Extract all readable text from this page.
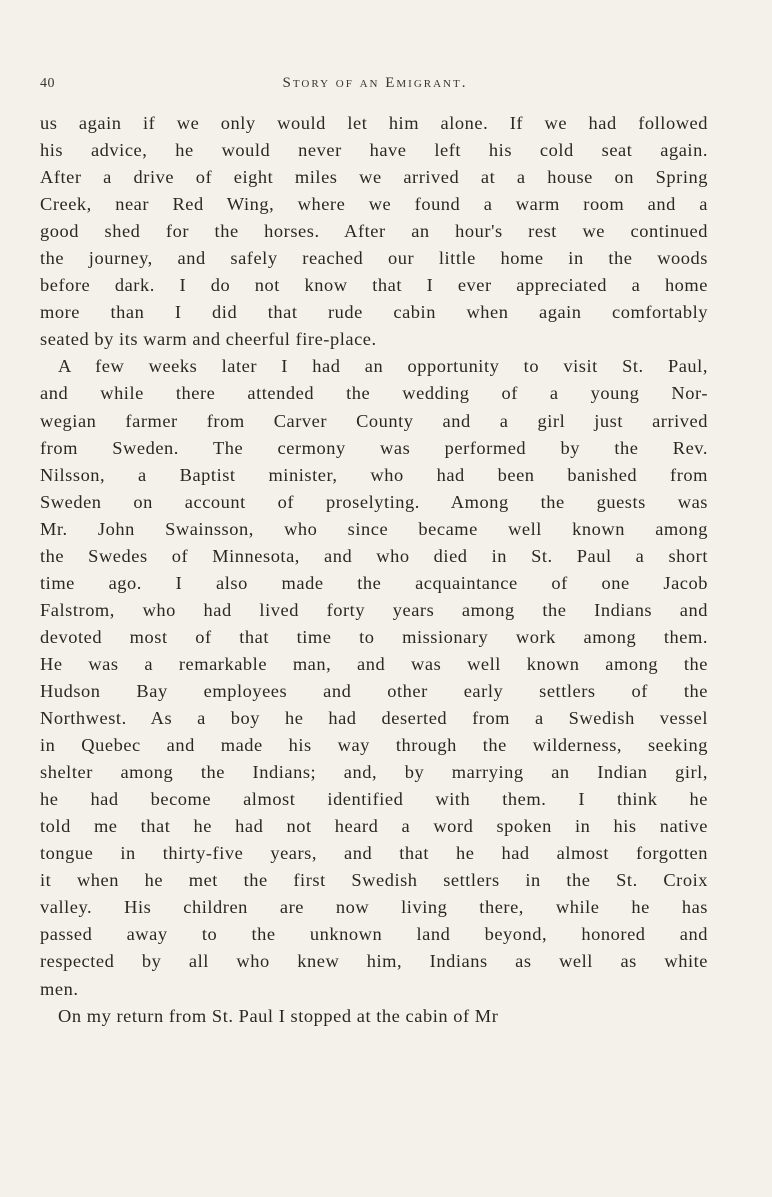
40	Story of an Emigrant.
us again if we only would let him alone. If we had followed
his advice, he would never have left his cold seat again.
After a drive of eight miles we arrived at a house on Spring
Creek, near Red Wing, where we found a warm room and a
good shed for the horses. After an hour's rest we continued
the journey, and safely reached our little home in the woods
before dark. I do not know that I ever appreciated a home
more than I did that rude cabin when again comfortably
seated by its warm and cheerful fire-place.
A few weeks later I had an opportunity to visit St. Paul,
and while there attended the wedding of a young Nor-
wegian farmer from Carver County and a girl just arrived
from Sweden. The cermony was performed by the Rev.
Nilsson, a Baptist minister, who had been banished from
Sweden on account of proselyting. Among the guests was
Mr. John Swainsson, who since became well known among
the Swedes of Minnesota, and who died in St. Paul a short
time ago. I also made the acquaintance of one Jacob
Falstrom, who had lived forty years among the Indians and
devoted most of that time to missionary work among them.
He was a remarkable man, and was well known among the
Hudson Bay employees and other early settlers of the
Northwest. As a boy he had deserted from a Swedish vessel
in Quebec and made his way through the wilderness, seeking
shelter among the Indians; and, by marrying an Indian girl,
he had become almost identified with them. I think he
told me that he had not heard a word spoken in his native
tongue in thirty-five years, and that he had almost forgotten
it when he met the first Swedish settlers in the St. Croix
valley. His children are now living there, while he has
passed away to the unknown land beyond, honored and
respected by all who knew him, Indians as well as white
men.
On my return from St. Paul I stopped at the cabin of Mr
